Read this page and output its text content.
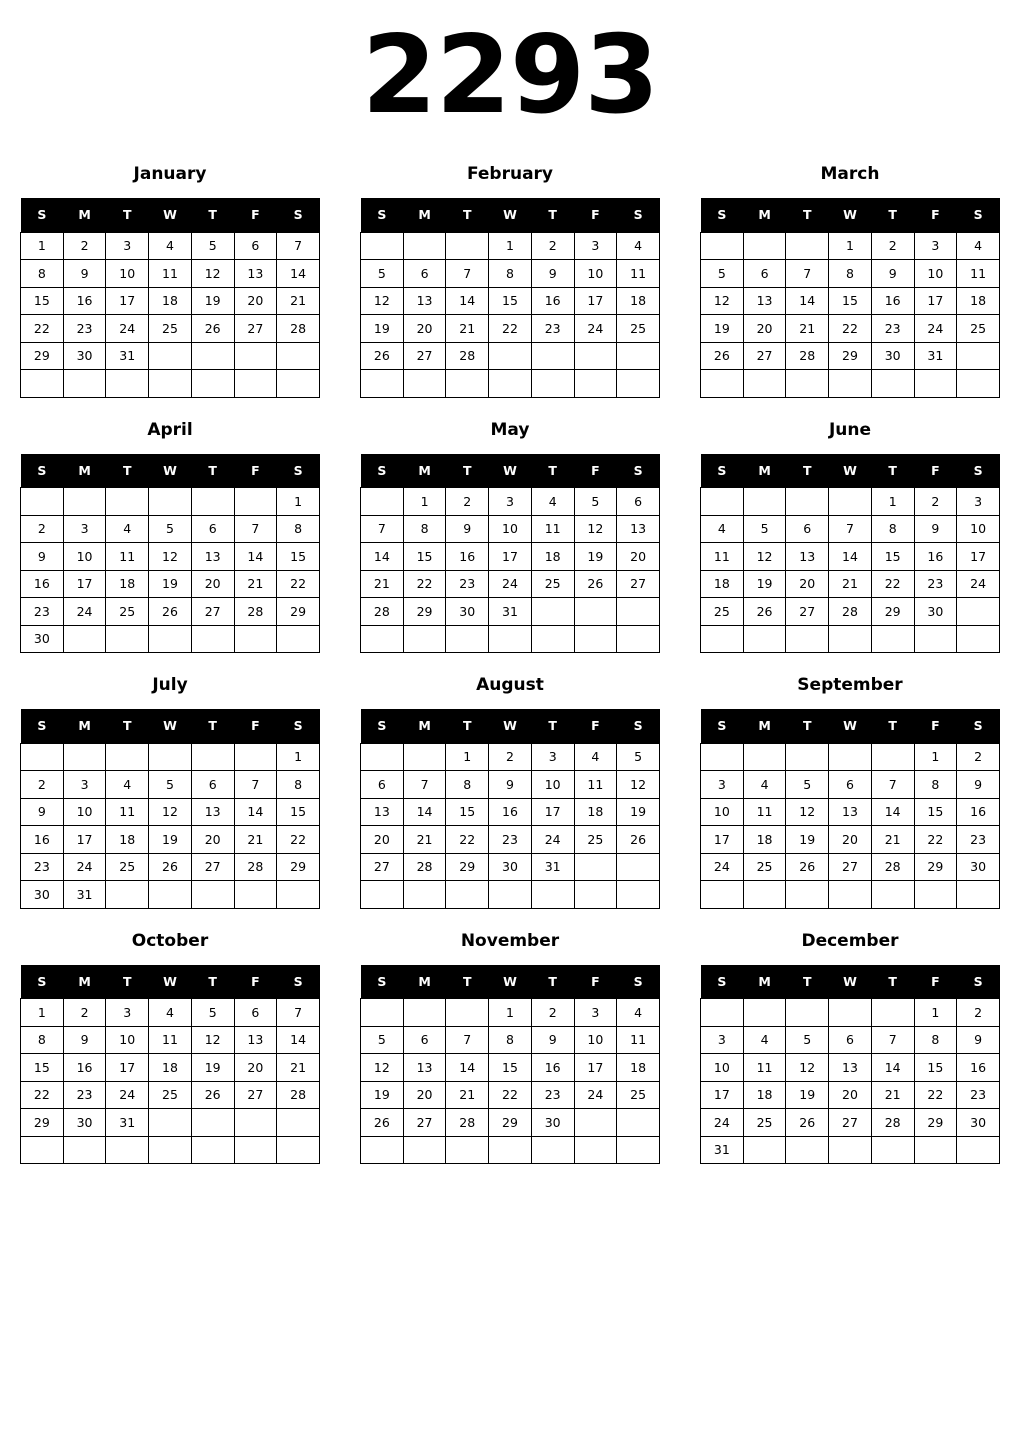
2293
January
S	M	T	W	T	F	S
1	2	3	4	5	6	7
8	9	10	11	12	13	14
15	16	17	18	19	20	21
22	23	24	25	26	27	28
29	30	31				

February
S	M	T	W	T	F	S
			1	2	3	4
5	6	7	8	9	10	11
12	13	14	15	16	17	18
19	20	21	22	23	24	25
26	27	28				

March
S	M	T	W	T	F	S
			1	2	3	4
5	6	7	8	9	10	11
12	13	14	15	16	17	18
19	20	21	22	23	24	25
26	27	28	29	30	31	

April
S	M	T	W	T	F	S
						1
2	3	4	5	6	7	8
9	10	11	12	13	14	15
16	17	18	19	20	21	22
23	24	25	26	27	28	29
30						
May
S	M	T	W	T	F	S
	1	2	3	4	5	6
7	8	9	10	11	12	13
14	15	16	17	18	19	20
21	22	23	24	25	26	27
28	29	30	31			

June
S	M	T	W	T	F	S
				1	2	3
4	5	6	7	8	9	10
11	12	13	14	15	16	17
18	19	20	21	22	23	24
25	26	27	28	29	30	

July
S	M	T	W	T	F	S
						1
2	3	4	5	6	7	8
9	10	11	12	13	14	15
16	17	18	19	20	21	22
23	24	25	26	27	28	29
30	31					
August
S	M	T	W	T	F	S
		1	2	3	4	5
6	7	8	9	10	11	12
13	14	15	16	17	18	19
20	21	22	23	24	25	26
27	28	29	30	31		

September
S	M	T	W	T	F	S
					1	2
3	4	5	6	7	8	9
10	11	12	13	14	15	16
17	18	19	20	21	22	23
24	25	26	27	28	29	30

October
S	M	T	W	T	F	S
1	2	3	4	5	6	7
8	9	10	11	12	13	14
15	16	17	18	19	20	21
22	23	24	25	26	27	28
29	30	31				

November
S	M	T	W	T	F	S
			1	2	3	4
5	6	7	8	9	10	11
12	13	14	15	16	17	18
19	20	21	22	23	24	25
26	27	28	29	30		

December
S	M	T	W	T	F	S
					1	2
3	4	5	6	7	8	9
10	11	12	13	14	15	16
17	18	19	20	21	22	23
24	25	26	27	28	29	30
31						
